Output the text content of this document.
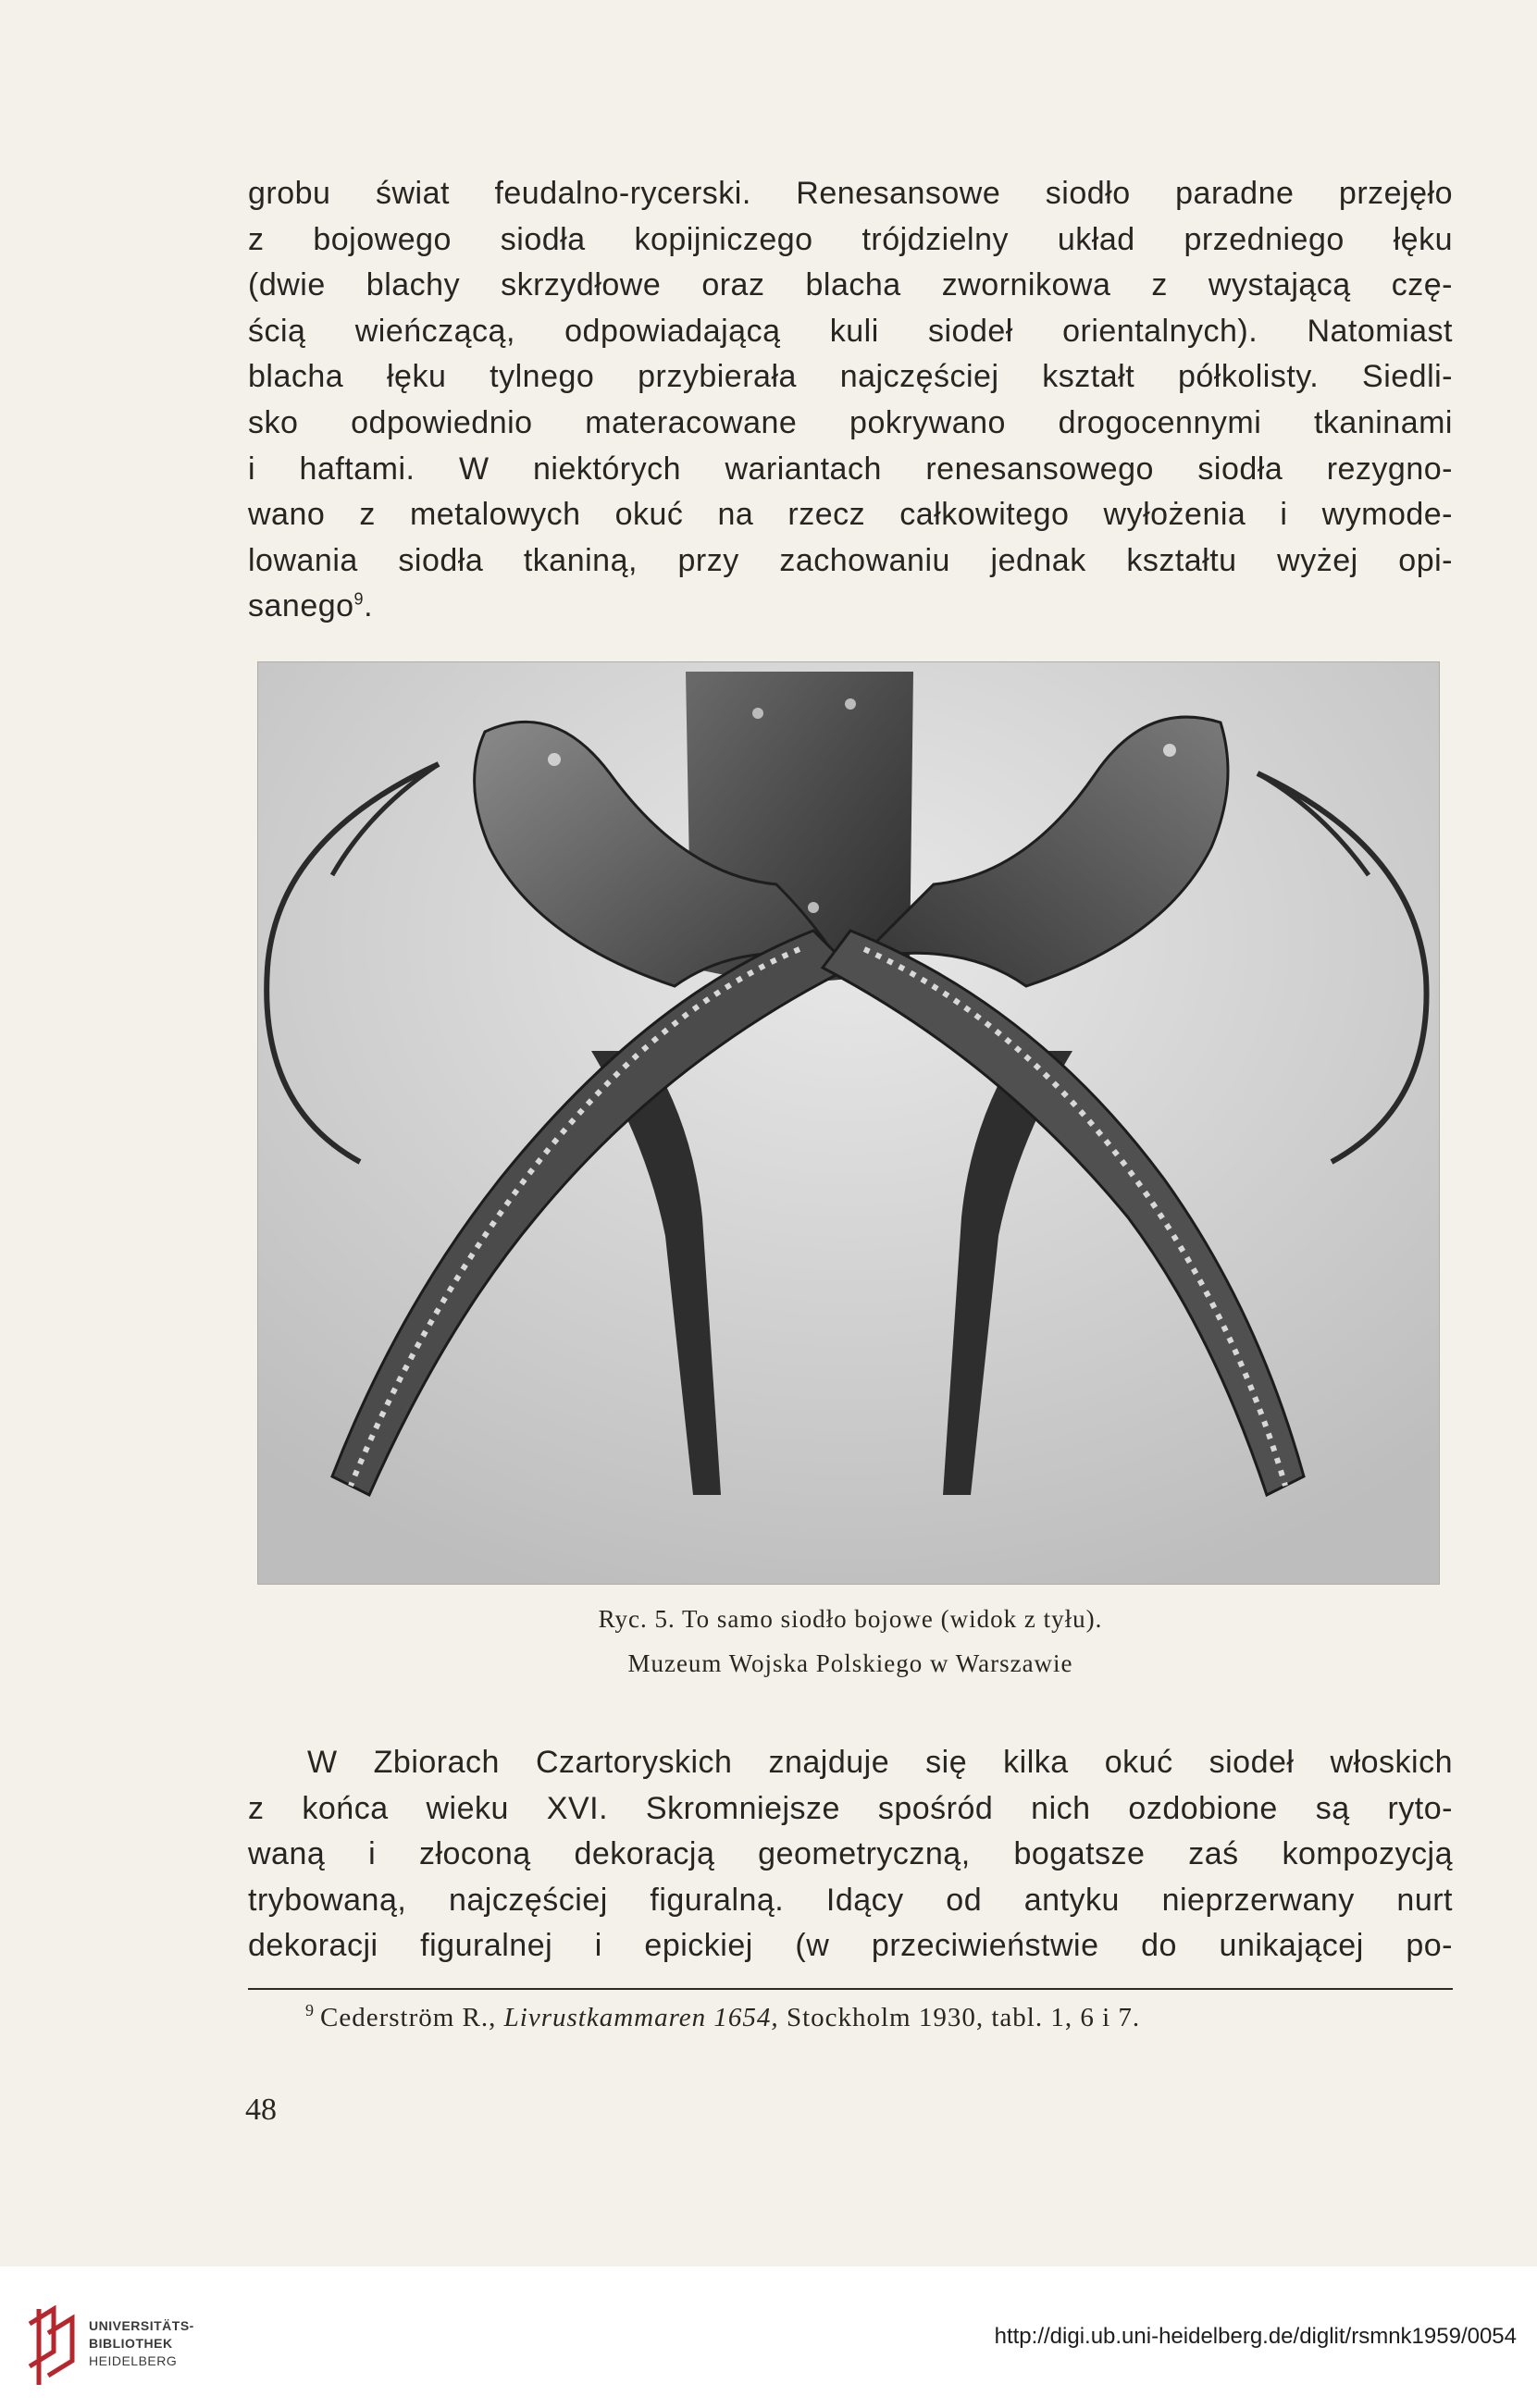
grobu świat feudalno-rycerski. Renesansowe siodło paradne przejęło
z bojowego siodła kopijniczego trójdzielny układ przedniego łęku
(dwie blachy skrzydłowe oraz blacha zwornikowa z wystającą czę-
ścią wieńczącą, odpowiadającą kuli siodeł orientalnych). Natomiast
blacha łęku tylnego przybierała najczęściej kształt półkolisty. Siedli-
sko odpowiednio materacowane pokrywano drogocennymi tkaninami
i haftami. W niektórych wariantach renesansowego siodła rezygno-
wano z metalowych okuć na rzecz całkowitego wyłożenia i wymode-
lowania siodła tkaniną, przy zachowaniu jednak kształtu wyżej opi-
sanego$^9$.
Ryc. 5. To samo siodło bojowe (widok z tyłu).
Muzeum Wojska Polskiego w Warszawie
W Zbiorach Czartoryskich znajduje się kilka okuć siodeł włoskich
z końca wieku XVI. Skromniejsze spośród nich ozdobione są ryto-
waną i złoconą dekoracją geometryczną, bogatsze zaś kompozycją
trybowaną, najczęściej figuralną. Idący od antyku nieprzerwany nurt
dekoracji figuralnej i epickiej (w przeciwieństwie do unikającej po-
$^9$ Cederström R., Livrustkammaren 1654, Stockholm 1930, tabl. 1, 6 i 7.
48
UNIVERSITÄTS-
BIBLIOTHEK
HEIDELBERG
http://digi.ub.uni-heidelberg.de/diglit/rsmnk1959/0054
